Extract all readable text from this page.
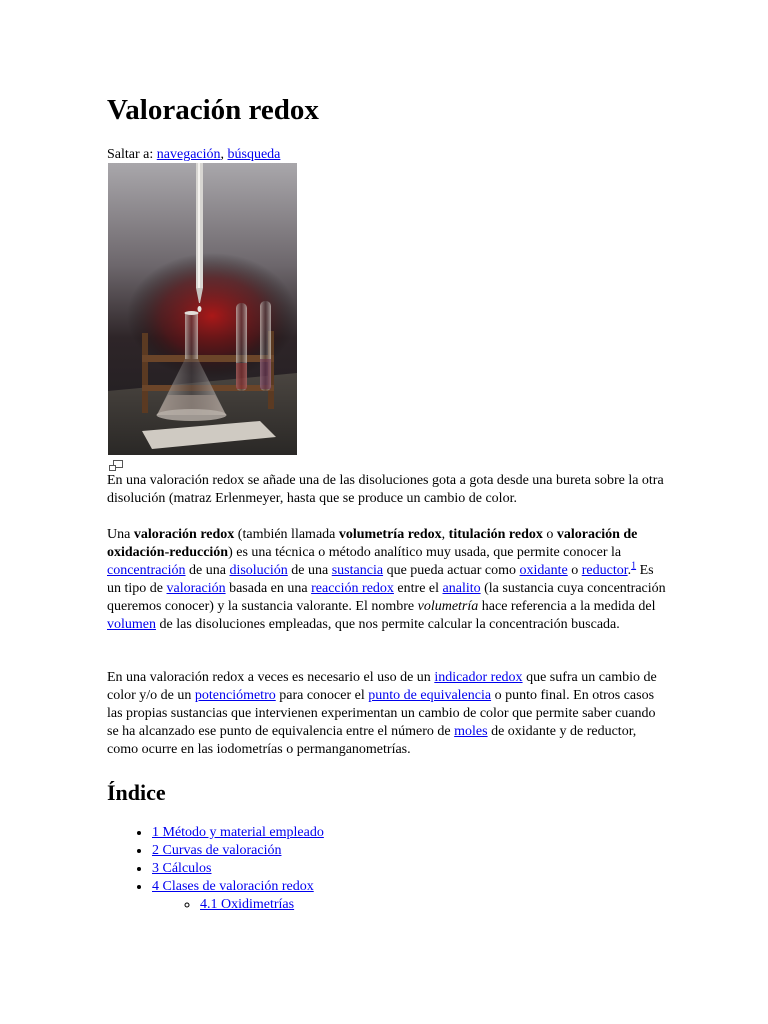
Valoración redox
Saltar a: navegación, búsqueda
En una valoración redox se añade una de las disoluciones gota a gota desde una bureta sobre la otra disolución (matraz Erlenmeyer, hasta que se produce un cambio de color.

Una valoración redox (también llamada volumetría redox, titulación redox o valoración de oxidación-reducción) es una técnica o método analítico muy usada, que permite conocer la concentración de una disolución de una sustancia que pueda actuar como oxidante o reductor.$^1$ Es un tipo de valoración basada en una reacción redox entre el analito (la sustancia cuya concentración queremos conocer) y la sustancia valorante. El nombre volumetría hace referencia a la medida del volumen de las disoluciones empleadas, que nos permite calcular la concentración buscada.

En una valoración redox a veces es necesario el uso de un indicador redox que sufra un cambio de color y/o de un potenciómetro para conocer el punto de equivalencia o punto final. En otros casos las propias sustancias que intervienen experimentan un cambio de color que permite saber cuando se ha alcanzado ese punto de equivalencia entre el número de moles de oxidante y de reductor, como ocurre en las iodometrías o permanganometrías.

Índice
• 1 Método y material empleado
• 2 Curvas de valoración
• 3 Cálculos
• 4 Clases de valoración redox
◦ 4.1 Oxidimetrías
